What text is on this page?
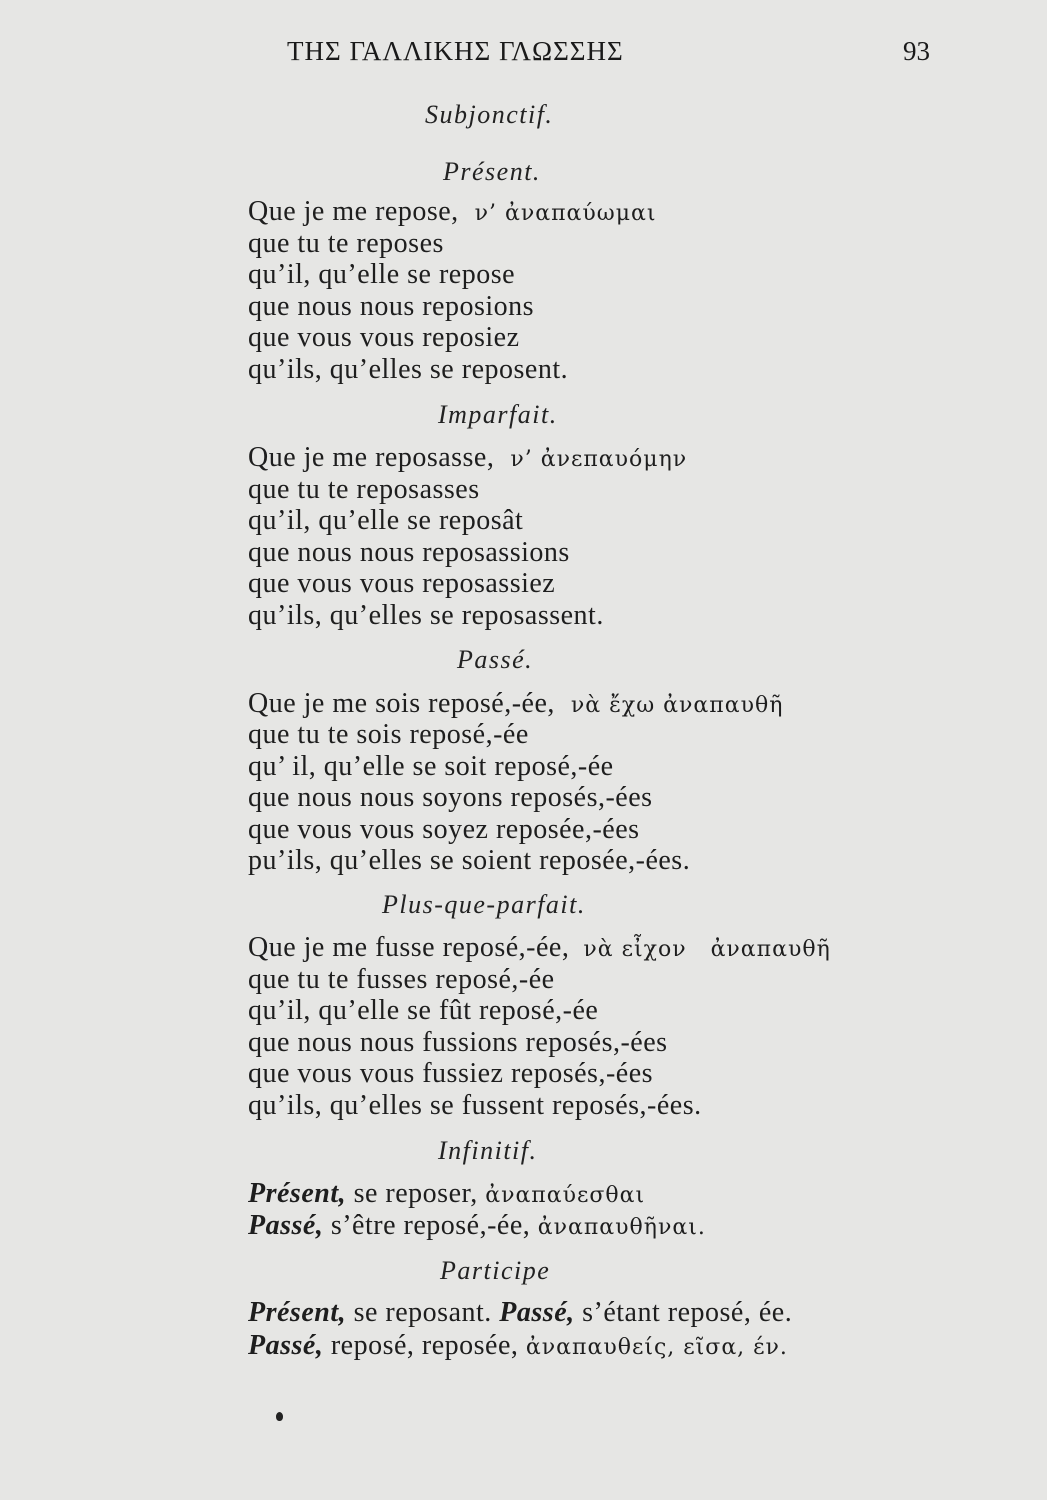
ΤΗΣ ΓΑΛΛΙΚΗΣ ΓΛΩΣΣΗΣ	93
Subjonctif.
Présent.
Que je me repose, ν’ ἀναπαύωμαι
que tu te reposes
qu’il, qu’elle se repose
que nous nous reposions
que vous vous reposiez
qu’ils, qu’elles se reposent.
Imparfait.
Que je me reposasse, ν’ ἀνεπαυόμην
que tu te reposasses
qu’il, qu’elle se reposât
que nous nous reposassions
que vous vous reposassiez
qu’ils, qu’elles se reposassent.
Passé.
Que je me sois reposé,-ée, νὰ ἔχω ἀναπαυθῆ
que tu te sois reposé,-ée
qu’ il, qu’elle se soit reposé,-ée
que nous nous soyons reposés,-ées
que vous vous soyez reposée,-ées
pu’ils, qu’elles se soient reposée,-ées.
Plus-que-parfait.
Que je me fusse reposé,-ée, νὰ εἶχον ἀναπαυθῆ
que tu te fusses reposé,-ée
qu’il, qu’elle se fût reposé,-ée
que nous nous fussions reposés,-ées
que vous vous fussiez reposés,-ées
qu’ils, qu’elles se fussent reposés,-ées.
Infinitif.
Présent, se reposer, ἀναπαύεσθαι
Passé, s’être reposé,-ée, ἀναπαυθῆναι.
Participe
Présent, se reposant. Passé, s’étant reposé, ée.
Passé, reposé, reposée, ἀναπαυθείς, εῖσα, έν.
